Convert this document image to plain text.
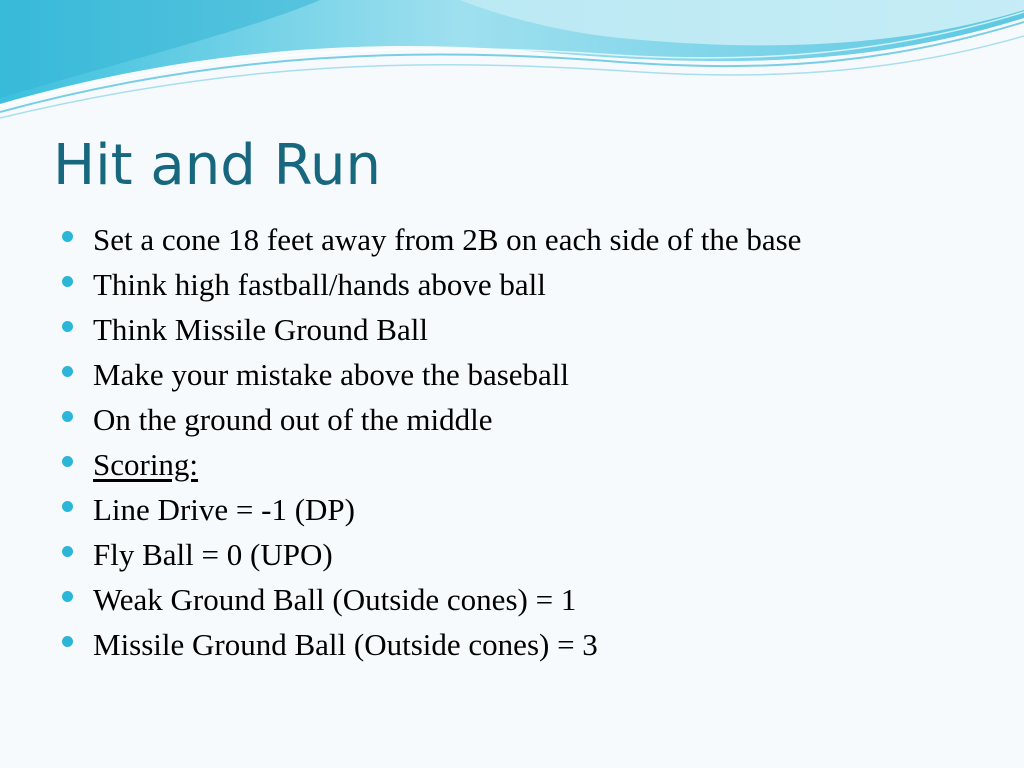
Hit and Run
Set a cone 18 feet away from 2B on each side of the base
Think high fastball/hands above ball
Think Missile Ground Ball
Make your mistake above the baseball
On the ground out of the middle
Scoring:
Line Drive = -1 (DP)
Fly Ball = 0 (UPO)
Weak Ground Ball (Outside cones) = 1
Missile Ground Ball (Outside cones) = 3
